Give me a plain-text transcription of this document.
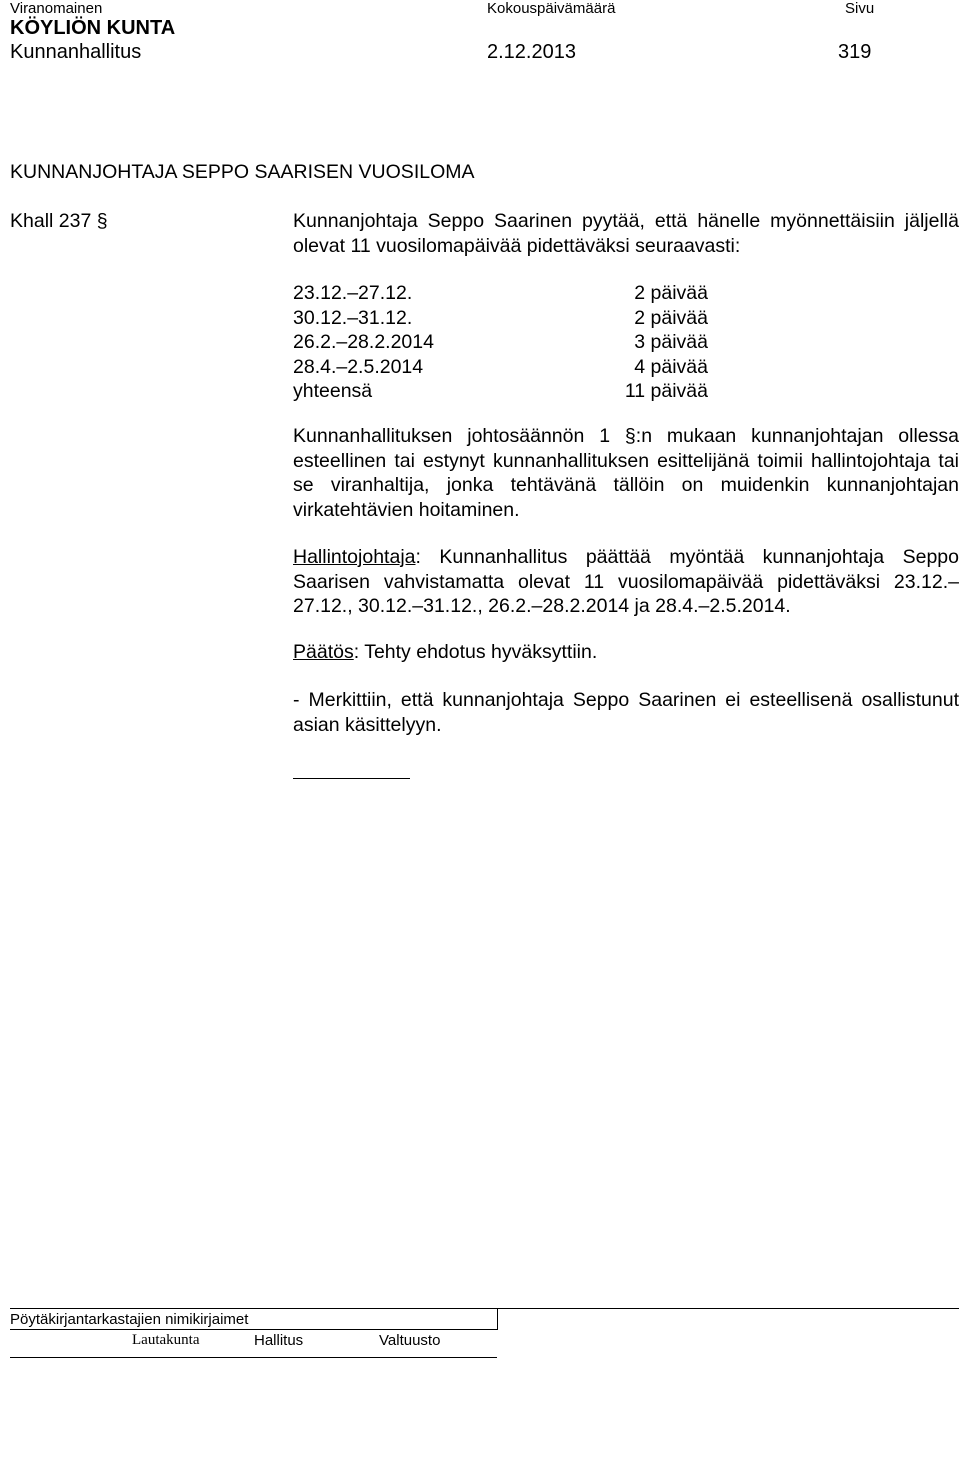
Viranomainen	Kokouspäivämäärä	Sivu
KÖYLIÖN KUNTA
Kunnanhallitus	2.12.2013	319
KUNNANJOHTAJA SEPPO SAARISEN VUOSILOMA
Khall 237 §	Kunnanjohtaja Seppo Saarinen pyytää, että hänelle myönnettäisiin jäljellä olevat 11 vuosilomapäivää pidettäväksi seuraavasti:
23.12.–27.12.	2 päivää
30.12.–31.12.	2 päivää
26.2.–28.2.2014	3 päivää
28.4.–2.5.2014	4 päivää
yhteensä	11 päivää
Kunnanhallituksen johtosäännön 1 §:n mukaan kunnanjohtajan ollessa esteellinen tai estynyt kunnanhallituksen esittelijänä toimii hallintojohtaja tai se viranhaltija, jonka tehtävänä tällöin on muidenkin kunnanjohtajan virkatehtävien hoitaminen.
Hallintojohtaja: Kunnanhallitus päättää myöntää kunnanjohtaja Seppo Saarisen vahvistamatta olevat 11 vuosilomapäivää pidettäväksi 23.12.–27.12., 30.12.–31.12., 26.2.–28.2.2014 ja 28.4.–2.5.2014.
Päätös: Tehty ehdotus hyväksyttiin.
- Merkittiin, että kunnanjohtaja Seppo Saarinen ei esteellisenä osallistunut asian käsittelyyn.
Pöytäkirjantarkastajien nimikirjaimet
Lautakunta	Hallitus	Valtuusto
